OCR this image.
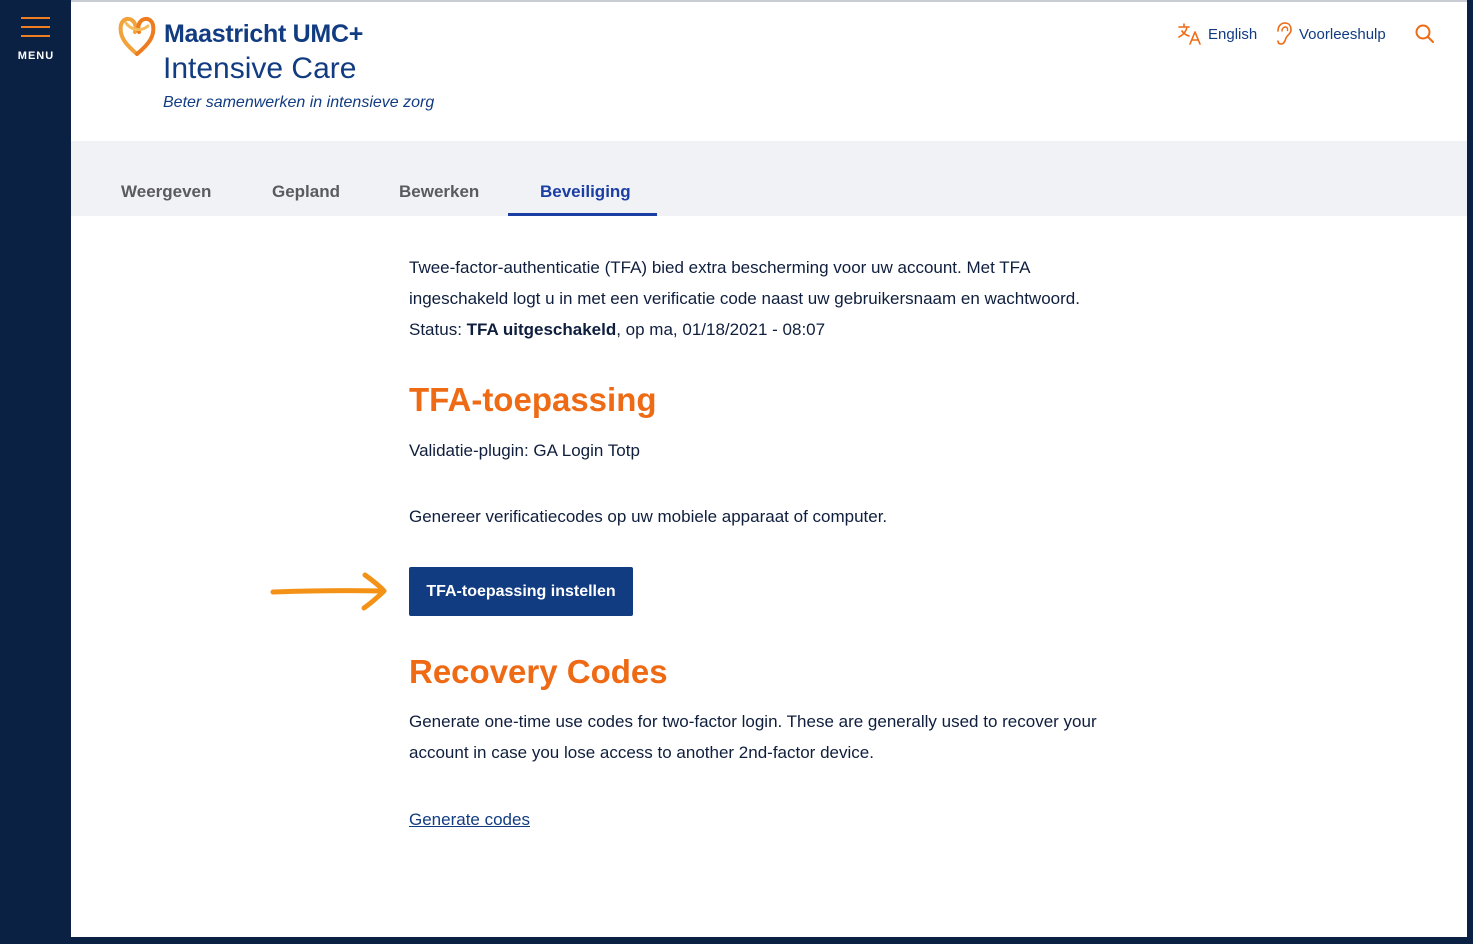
MENU
Maastricht UMC+
Intensive Care
Beter samenwerken in intensieve zorg
English	Voorleeshulp
Weergeven	Gepland	Bewerken	Beveiliging

Twee-factor-authenticatie (TFA) bied extra bescherming voor uw account. Met TFA ingeschakeld logt u in met een verificatie code naast uw gebruikersnaam en wachtwoord.

Status: TFA uitgeschakeld, op ma, 01/18/2021 - 08:07

TFA-toepassing

Validatie-plugin: GA Login Totp

Genereer verificatiecodes op uw mobiele apparaat of computer.

TFA-toepassing instellen
Recovery Codes

Generate one-time use codes for two-factor login. These are generally used to recover your account in case you lose access to another 2nd-factor device.

Generate codes
